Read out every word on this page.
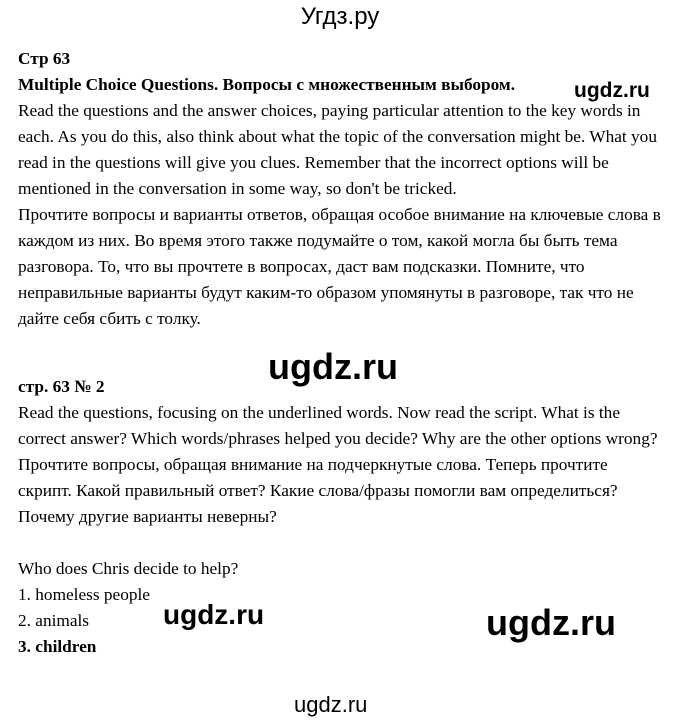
Угдз.ру

Стр 63

Multiple Choice Questions. Вопросы с множественным выбором.

Read the questions and the answer choices, paying particular attention to the key words in each. As you do this, also think about what the topic of the conversation might be. What you read in the questions will give you clues. Remember that the incorrect options will be mentioned in the conversation in some way, so don't be tricked.

Прочтите вопросы и варианты ответов, обращая особое внимание на ключевые слова в каждом из них. Во время этого также подумайте о том, какой могла бы быть тема разговора. То, что вы прочтете в вопросах, даст вам подсказки. Помните, что неправильные варианты будут каким-то образом упомянуты в разговоре, так что не дайте себя сбить с толку.

стр. 63 № 2

Read the questions, focusing on the underlined words. Now read the script. What is the correct answer? Which words/phrases helped you decide? Why are the other options wrong? Прочтите вопросы, обращая внимание на подчеркнутые слова. Теперь прочтите скрипт. Какой правильный ответ? Какие слова/фразы помогли вам определиться? Почему другие варианты неверны?

Who does Chris decide to help?

1. homeless people

2. animals

3. children

ugdz.ru
ugdz.ru
ugdz.ru	ugdz.ru
ugdz.ru
